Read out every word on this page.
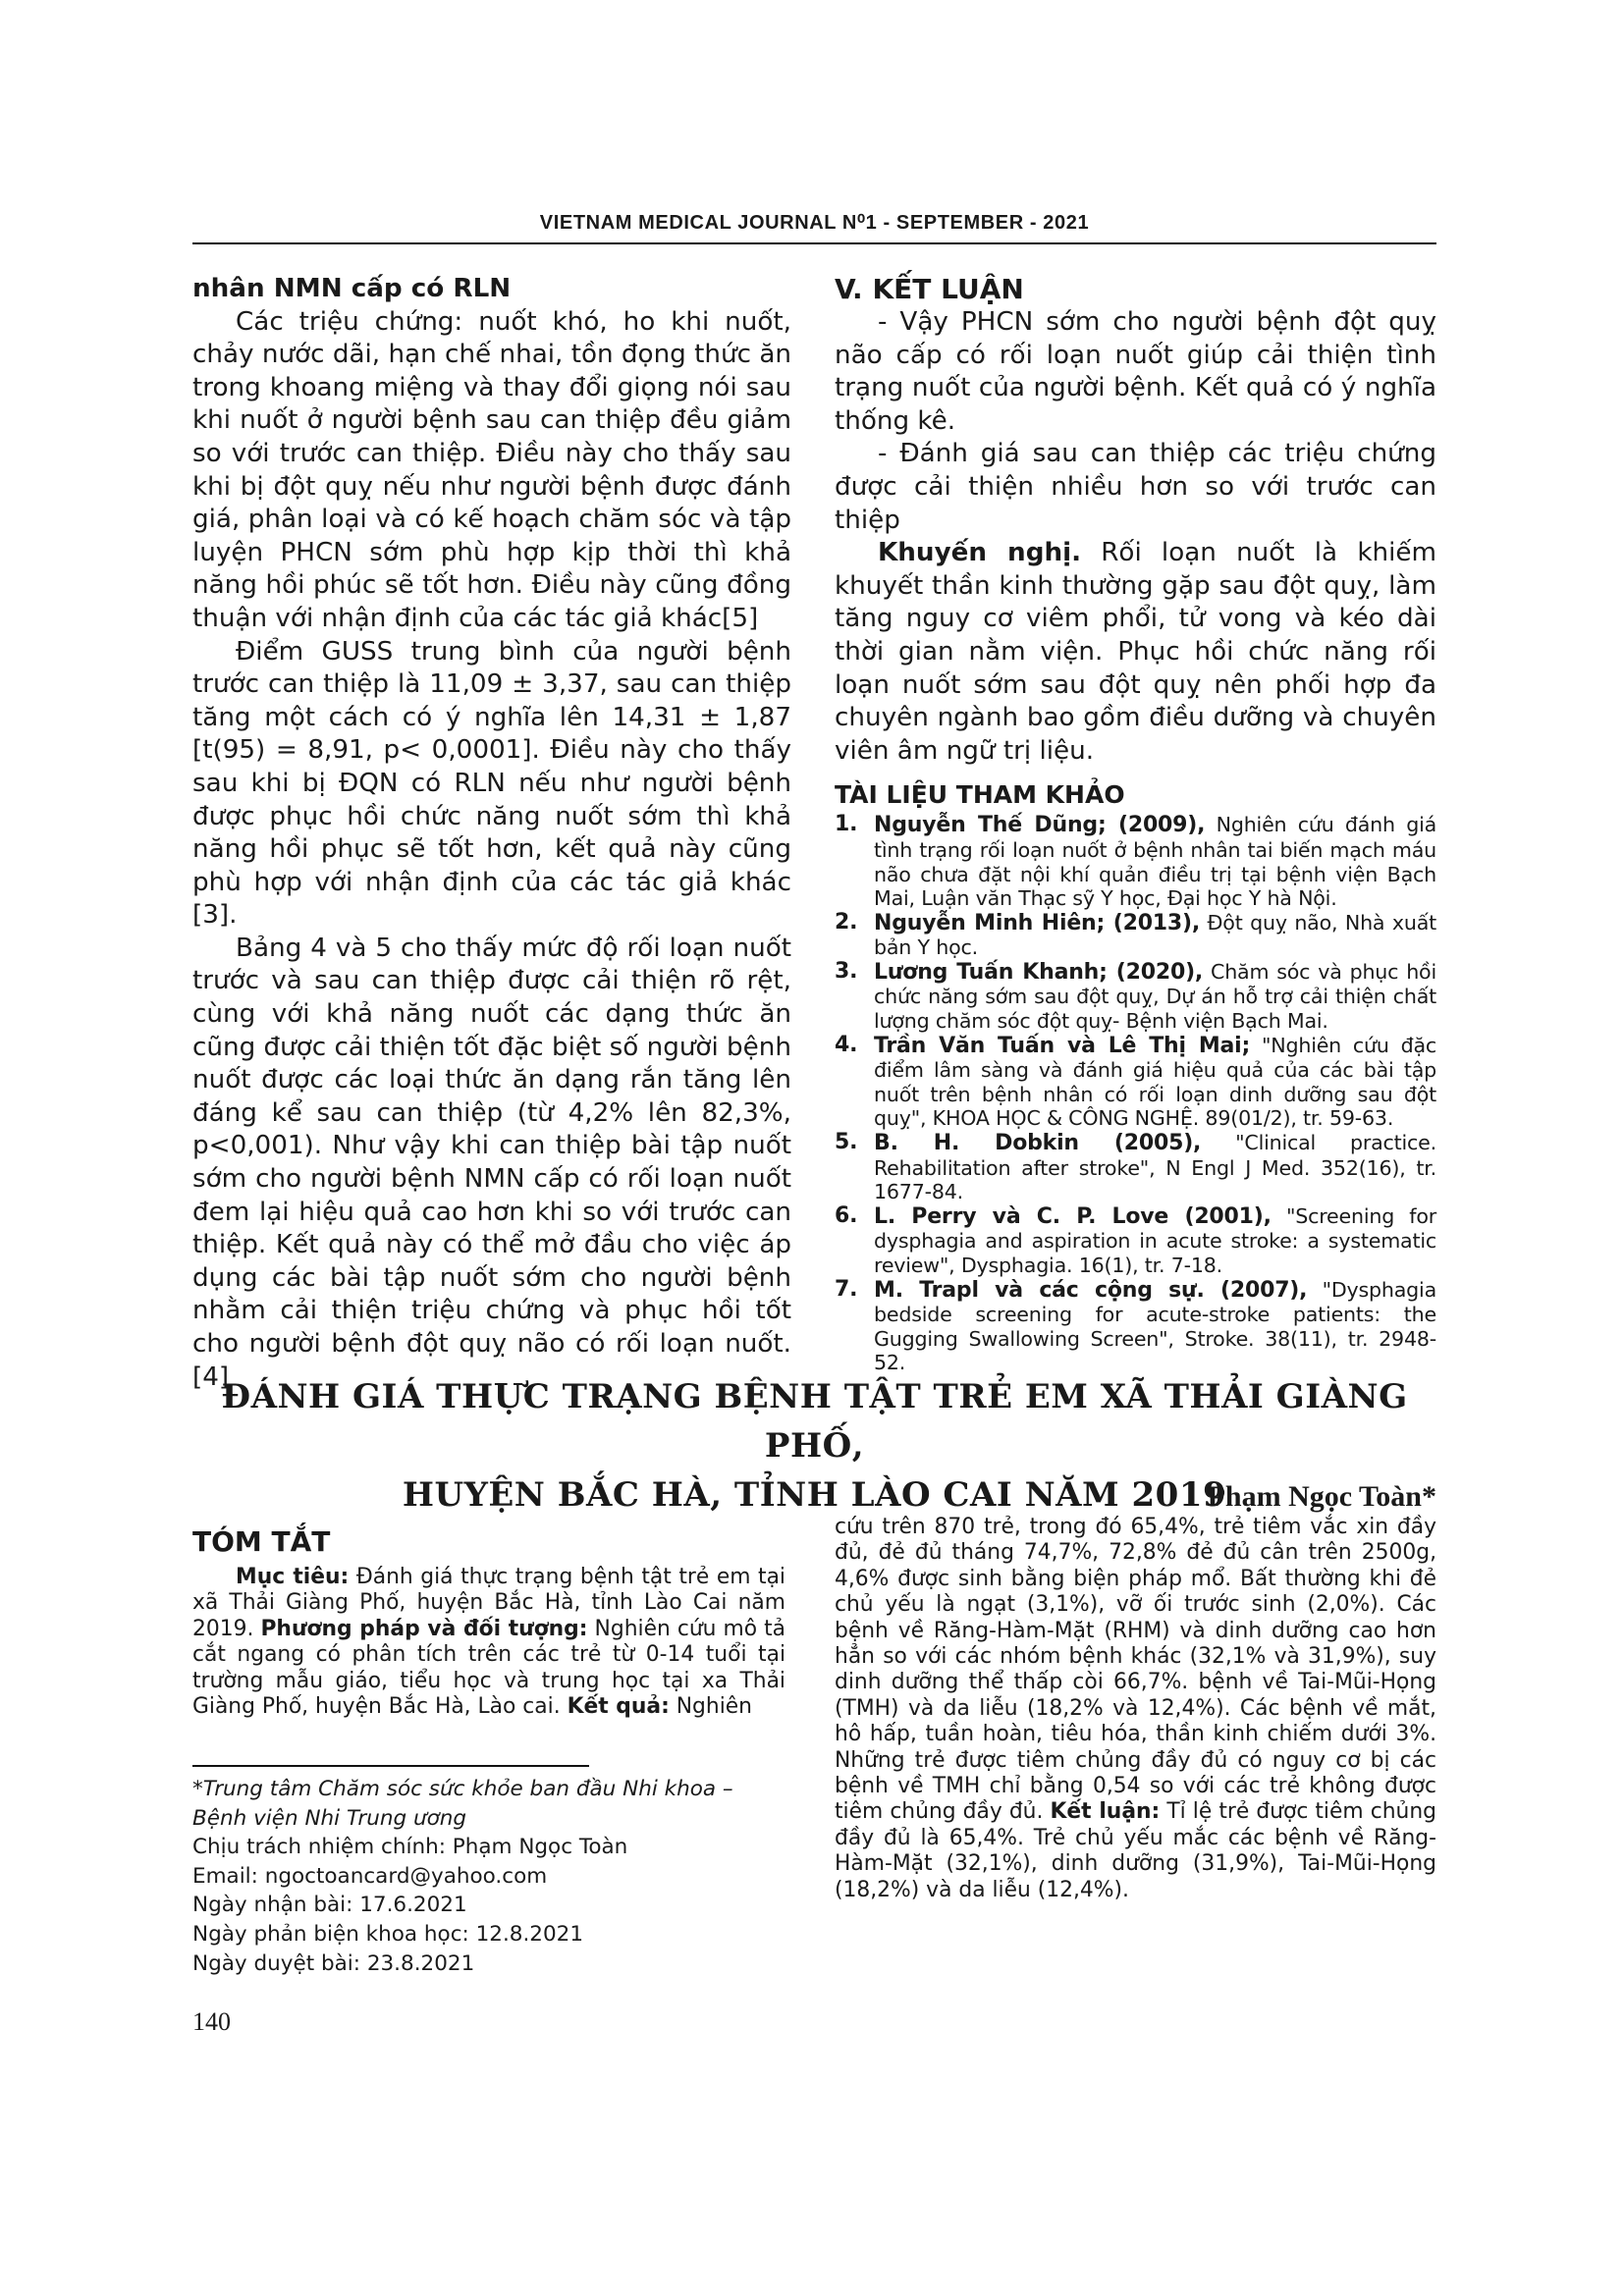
VIETNAM MEDICAL JOURNAL N⁰1 - SEPTEMBER - 2021

nhân NMN cấp có RLN

Các triệu chứng: nuốt khó, ho khi nuốt, chảy nước dãi, hạn chế nhai, tồn đọng thức ăn trong khoang miệng và thay đổi giọng nói sau khi nuốt ở người bệnh sau can thiệp đều giảm so với trước can thiệp. Điều này cho thấy sau khi bị đột quỵ nếu như người bệnh được đánh giá, phân loại và có kế hoạch chăm sóc và tập luyện PHCN sớm phù hợp kịp thời thì khả năng hồi phúc sẽ tốt hơn. Điều này cũng đồng thuận với nhận định của các tác giả khác[5]
Điểm GUSS trung bình của người bệnh trước can thiệp là 11,09 ± 3,37, sau can thiệp tăng một cách có ý nghĩa lên 14,31 ± 1,87 [t(95) = 8,91, p< 0,0001]. Điều này cho thấy sau khi bị ĐQN có RLN nếu như người bệnh được phục hồi chức năng nuốt sớm thì khả năng hồi phục sẽ tốt hơn, kết quả này cũng phù hợp với nhận định của các tác giả khác [3].
Bảng 4 và 5 cho thấy mức độ rối loạn nuốt trước và sau can thiệp được cải thiện rõ rệt, cùng với khả năng nuốt các dạng thức ăn cũng được cải thiện tốt đặc biệt số người bệnh nuốt được các loại thức ăn dạng rắn tăng lên đáng kể sau can thiệp (từ 4,2% lên 82,3%, p<0,001). Như vậy khi can thiệp bài tập nuốt sớm cho người bệnh NMN cấp có rối loạn nuốt đem lại hiệu quả cao hơn khi so với trước can thiệp. Kết quả này có thể mở đầu cho việc áp dụng các bài tập nuốt sớm cho người bệnh nhằm cải thiện triệu chứng và phục hồi tốt cho người bệnh đột quỵ não có rối loạn nuốt.[4]

V. KẾT LUẬN

- Vậy PHCN sớm cho người bệnh đột quỵ não cấp có rối loạn nuốt giúp cải thiện tình trạng nuốt của người bệnh. Kết quả có ý nghĩa thống kê.
- Đánh giá sau can thiệp các triệu chứng được cải thiện nhiều hơn so với trước can thiệp
Khuyến nghị. Rối loạn nuốt là khiếm khuyết thần kinh thường gặp sau đột quỵ, làm tăng nguy cơ viêm phổi, tử vong và kéo dài thời gian nằm viện. Phục hồi chức năng rối loạn nuốt sớm sau đột quỵ nên phối hợp đa chuyên ngành bao gồm điều dưỡng và chuyên viên âm ngữ trị liệu.

TÀI LIỆU THAM KHẢO

1. Nguyễn Thế Dũng; (2009), Nghiên cứu đánh giá tình trạng rối loạn nuốt ở bệnh nhân tai biến mạch máu não chưa đặt nội khí quản điều trị tại bệnh viện Bạch Mai, Luận văn Thạc sỹ Y học, Đại học Y hà Nội.
2. Nguyễn Minh Hiên; (2013), Đột quỵ não, Nhà xuất bản Y học.
3. Lương Tuấn Khanh; (2020), Chăm sóc và phục hồi chức năng sớm sau đột quỵ, Dự án hỗ trợ cải thiện chất lượng chăm sóc đột quỵ- Bệnh viện Bạch Mai.
4. Trần Văn Tuấn và Lê Thị Mai; "Nghiên cứu đặc điểm lâm sàng và đánh giá hiệu quả của các bài tập nuốt trên bệnh nhân có rối loạn dinh dưỡng sau đột quỵ", KHOA HỌC & CÔNG NGHỆ. 89(01/2), tr. 59-63.
5. B. H. Dobkin (2005), "Clinical practice. Rehabilitation after stroke", N Engl J Med. 352(16), tr. 1677-84.
6. L. Perry và C. P. Love (2001), "Screening for dysphagia and aspiration in acute stroke: a systematic review", Dysphagia. 16(1), tr. 7-18.
7. M. Trapl và các cộng sự. (2007), "Dysphagia bedside screening for acute-stroke patients: the Gugging Swallowing Screen", Stroke. 38(11), tr. 2948-52.
ĐÁNH GIÁ THỰC TRẠNG BỆNH TẬT TRẺ EM XÃ THẢI GIÀNG PHỐ,
HUYỆN BẮC HÀ, TỈNH LÀO CAI NĂM 2019
Phạm Ngọc Toàn*

TÓM TẮT

Mục tiêu: Đánh giá thực trạng bệnh tật trẻ em tại xã Thải Giàng Phố, huyện Bắc Hà, tỉnh Lào Cai năm 2019. Phương pháp và đối tượng: Nghiên cứu mô tả cắt ngang có phân tích trên các trẻ từ 0-14 tuổi tại trường mẫu giáo, tiểu học và trung học tại xa Thải Giàng Phố, huyện Bắc Hà, Lào cai. Kết quả: Nghiên

*Trung tâm Chăm sóc sức khỏe ban đầu Nhi khoa –
Bệnh viện Nhi Trung ương
Chịu trách nhiệm chính: Phạm Ngọc Toàn
Email: ngoctoancard@yahoo.com
Ngày nhận bài: 17.6.2021
Ngày phản biện khoa học: 12.8.2021
Ngày duyệt bài: 23.8.2021

cứu trên 870 trẻ, trong đó 65,4%, trẻ tiêm vắc xin đầy đủ, đẻ đủ tháng 74,7%, 72,8% đẻ đủ cân trên 2500g, 4,6% được sinh bằng biện pháp mổ. Bất thường khi đẻ chủ yếu là ngạt (3,1%), vỡ ối trước sinh (2,0%). Các bệnh về Răng-Hàm-Mặt (RHM) và dinh dưỡng cao hơn hẳn so với các nhóm bệnh khác (32,1% và 31,9%), suy dinh dưỡng thể thấp còi 66,7%. bệnh về Tai-Mũi-Họng (TMH) và da liễu (18,2% và 12,4%). Các bệnh về mắt, hô hấp, tuần hoàn, tiêu hóa, thần kinh chiếm dưới 3%. Những trẻ được tiêm chủng đầy đủ có nguy cơ bị các bệnh về TMH chỉ bằng 0,54 so với các trẻ không được tiêm chủng đầy đủ. Kết luận: Tỉ lệ trẻ được tiêm chủng đầy đủ là 65,4%. Trẻ chủ yếu mắc các bệnh về Răng-Hàm-Mặt (32,1%), dinh dưỡng (31,9%), Tai-Mũi-Họng (18,2%) và da liễu (12,4%).

140
